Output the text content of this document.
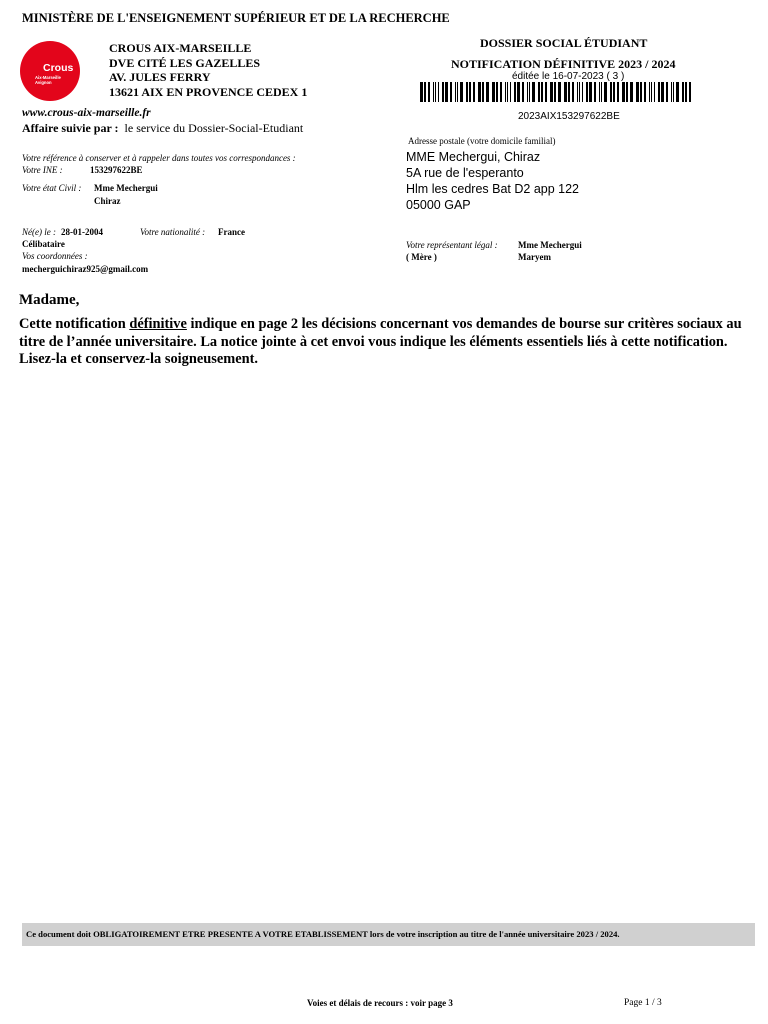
MINISTÈRE DE L'ENSEIGNEMENT SUPÉRIEUR ET DE LA RECHERCHE
Crous
Aix-Marseille
Avignon
CROUS AIX-MARSEILLE
DVE CITÉ LES GAZELLES
AV. JULES FERRY
13621 AIX EN PROVENCE CEDEX 1
DOSSIER SOCIAL ÉTUDIANT
NOTIFICATION DÉFINITIVE 2023 / 2024
éditée le 16-07-2023 ( 3 )
2023AIX153297622BE
www.crous-aix-marseille.fr
Affaire suivie par : le service du Dossier-Social-Etudiant
Adresse postale (votre domicile familial)
MME Mechergui, Chiraz
5A rue de l'esperanto
Hlm les cedres Bat D2 app 122
05000 GAP
Votre référence à conserver et à rappeler dans toutes vos correspondances :
Votre INE :	153297622BE
Votre état Civil : Mme Mechergui
Chiraz
Né(e) le : 28-01-2004	Votre nationalité : France
Célibataire
Vos coordonnées :
mecherguichiraz925@gmail.com
Votre représentant légal : Mme Mechergui
( Mère )	Maryem
Madame,
Cette notification définitive indique en page 2 les décisions concernant vos demandes de bourse sur critères sociaux au titre de l’année universitaire. La notice jointe à cet envoi vous indique les éléments essentiels liés à cette notification. Lisez-la et conservez-la soigneusement.
Ce document doit OBLIGATOIREMENT ETRE PRESENTE A VOTRE ETABLISSEMENT lors de votre inscription au titre de l'année universitaire 2023 / 2024.
Voies et délais de recours : voir page 3	Page 1 / 3
